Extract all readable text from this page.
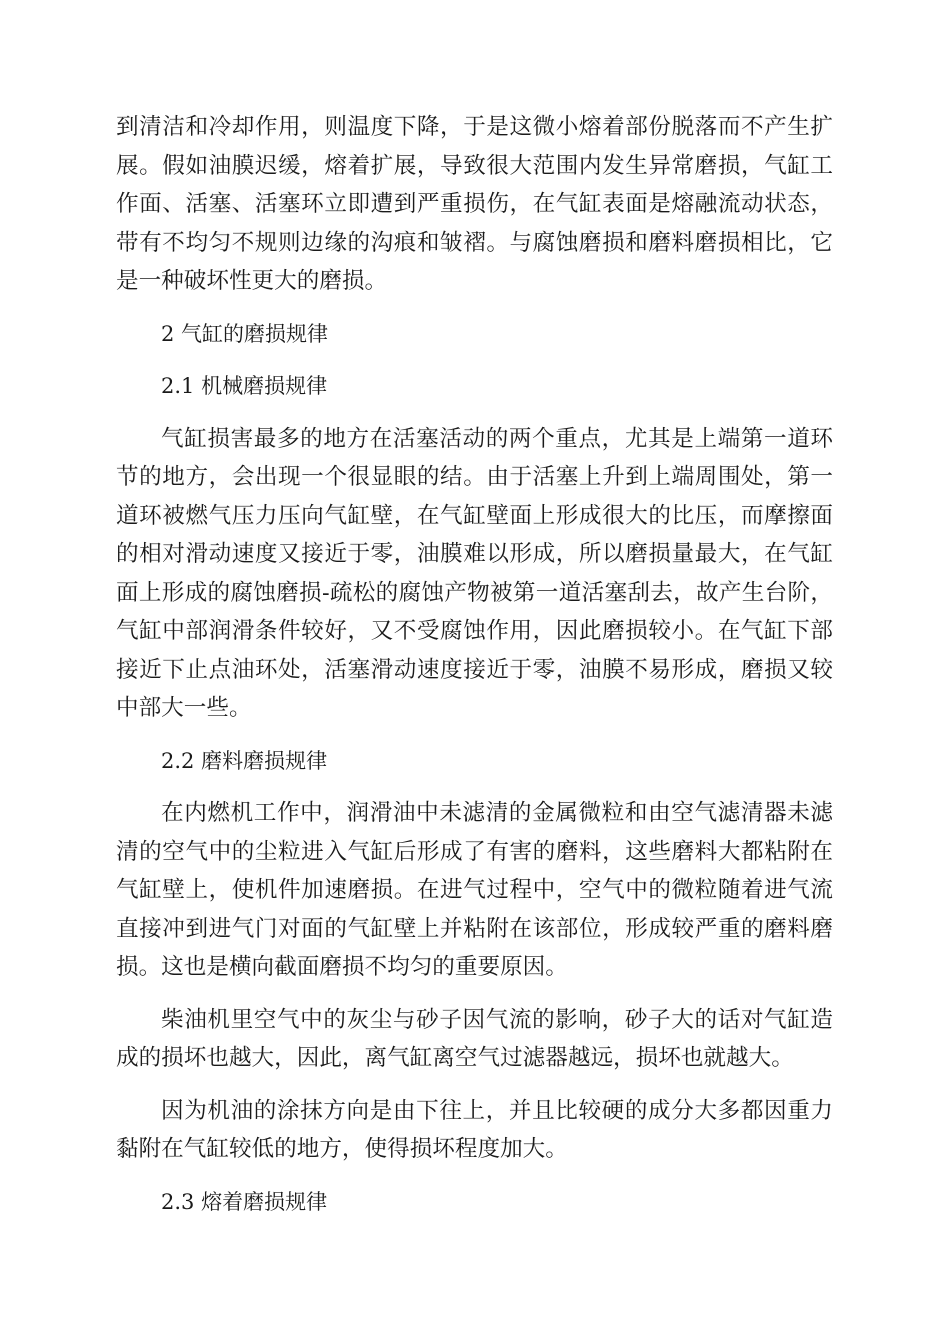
到清洁和冷却作用，则温度下降，于是这微小熔着部份脱落而不产生扩展。假如油膜迟缓，熔着扩展，导致很大范围内发生异常磨损，气缸工作面、活塞、活塞环立即遭到严重损伤，在气缸表面是熔融流动状态，带有不均匀不规则边缘的沟痕和皱褶。与腐蚀磨损和磨料磨损相比，它是一种破坏性更大的磨损。

2 气缸的磨损规律

2.1 机械磨损规律

气缸损害最多的地方在活塞活动的两个重点，尤其是上端第一道环节的地方，会出现一个很显眼的结。由于活塞上升到上端周围处，第一道环被燃气压力压向气缸壁，在气缸壁面上形成很大的比压，而摩擦面的相对滑动速度又接近于零，油膜难以形成，所以磨损量最大，在气缸面上形成的腐蚀磨损-疏松的腐蚀产物被第一道活塞刮去，故产生台阶，气缸中部润滑条件较好，又不受腐蚀作用，因此磨损较小。在气缸下部接近下止点油环处，活塞滑动速度接近于零，油膜不易形成，磨损又较中部大一些。

2.2 磨料磨损规律

在内燃机工作中，润滑油中未滤清的金属微粒和由空气滤清器未滤清的空气中的尘粒进入气缸后形成了有害的磨料，这些磨料大都粘附在气缸壁上，使机件加速磨损。在进气过程中，空气中的微粒随着进气流直接冲到进气门对面的气缸壁上并粘附在该部位，形成较严重的磨料磨损。这也是横向截面磨损不均匀的重要原因。

柴油机里空气中的灰尘与砂子因气流的影响，砂子大的话对气缸造成的损坏也越大，因此，离气缸离空气过滤器越远，损坏也就越大。

因为机油的涂抹方向是由下往上，并且比较硬的成分大多都因重力黏附在气缸较低的地方，使得损坏程度加大。

2.3 熔着磨损规律
